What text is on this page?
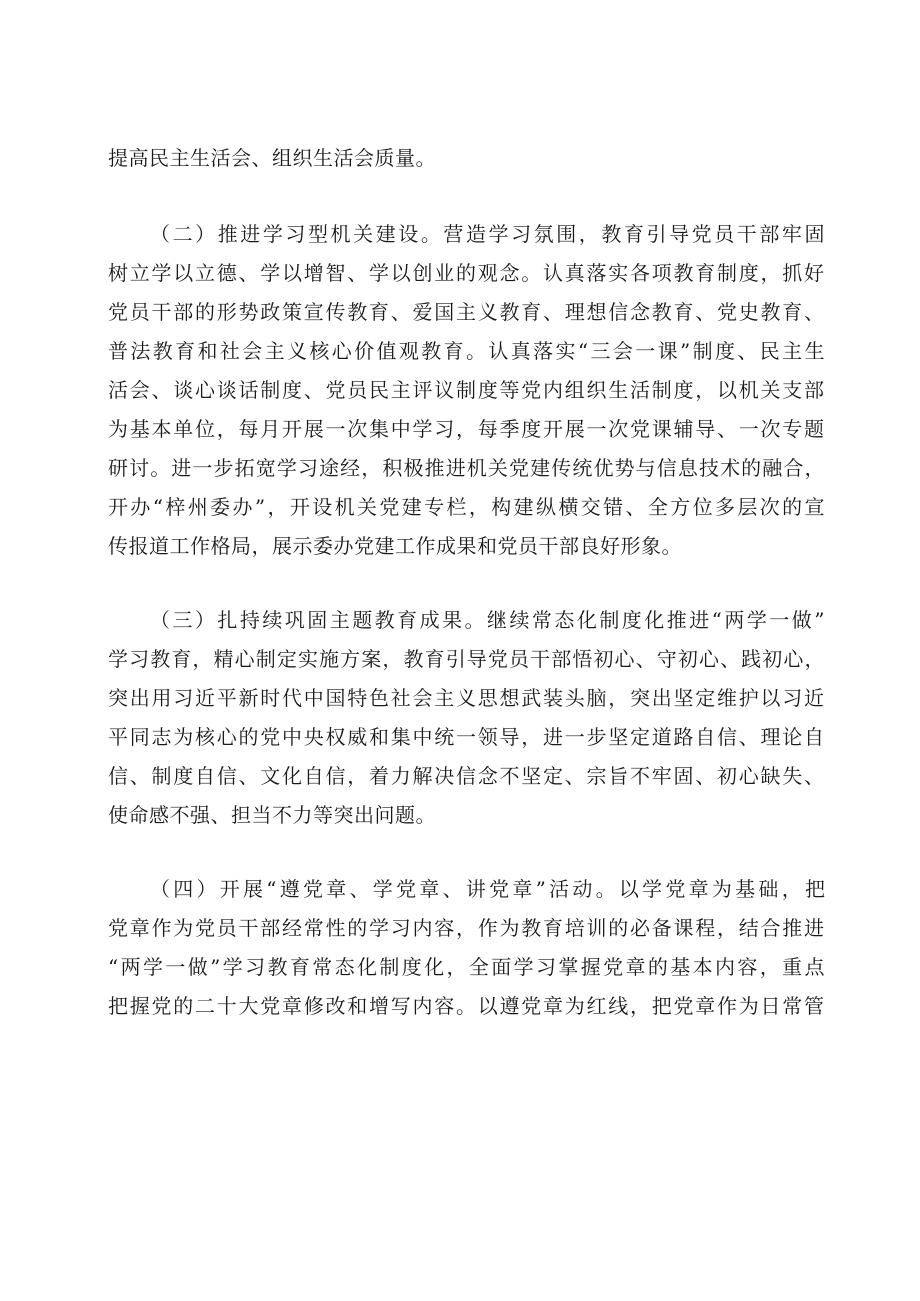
提高民主生活会、组织生活会质量。
（二）推进学习型机关建设。营造学习氛围，教育引导党员干部牢固
树立学以立德、学以增智、学以创业的观念。认真落实各项教育制度，抓好
党员干部的形势政策宣传教育、爱国主义教育、理想信念教育、党史教育、
普法教育和社会主义核心价值观教育。认真落实“三会一课”制度、民主生
活会、谈心谈话制度、党员民主评议制度等党内组织生活制度，以机关支部
为基本单位，每月开展一次集中学习，每季度开展一次党课辅导、一次专题
研讨。进一步拓宽学习途经，积极推进机关党建传统优势与信息技术的融合，
开办“梓州委办”，开设机关党建专栏，构建纵横交错、全方位多层次的宣
传报道工作格局，展示委办党建工作成果和党员干部良好形象。
（三）扎持续巩固主题教育成果。继续常态化制度化推进“两学一做”
学习教育，精心制定实施方案，教育引导党员干部悟初心、守初心、践初心，
突出用习近平新时代中国特色社会主义思想武装头脑，突出坚定维护以习近
平同志为核心的党中央权威和集中统一领导，进一步坚定道路自信、理论自
信、制度自信、文化自信，着力解决信念不坚定、宗旨不牢固、初心缺失、
使命感不强、担当不力等突出问题。
（四）开展“遵党章、学党章、讲党章”活动。以学党章为基础，把
党章作为党员干部经常性的学习内容，作为教育培训的必备课程，结合推进
“两学一做”学习教育常态化制度化，全面学习掌握党章的基本内容，重点
把握党的二十大党章修改和增写内容。以遵党章为红线，把党章作为日常管
